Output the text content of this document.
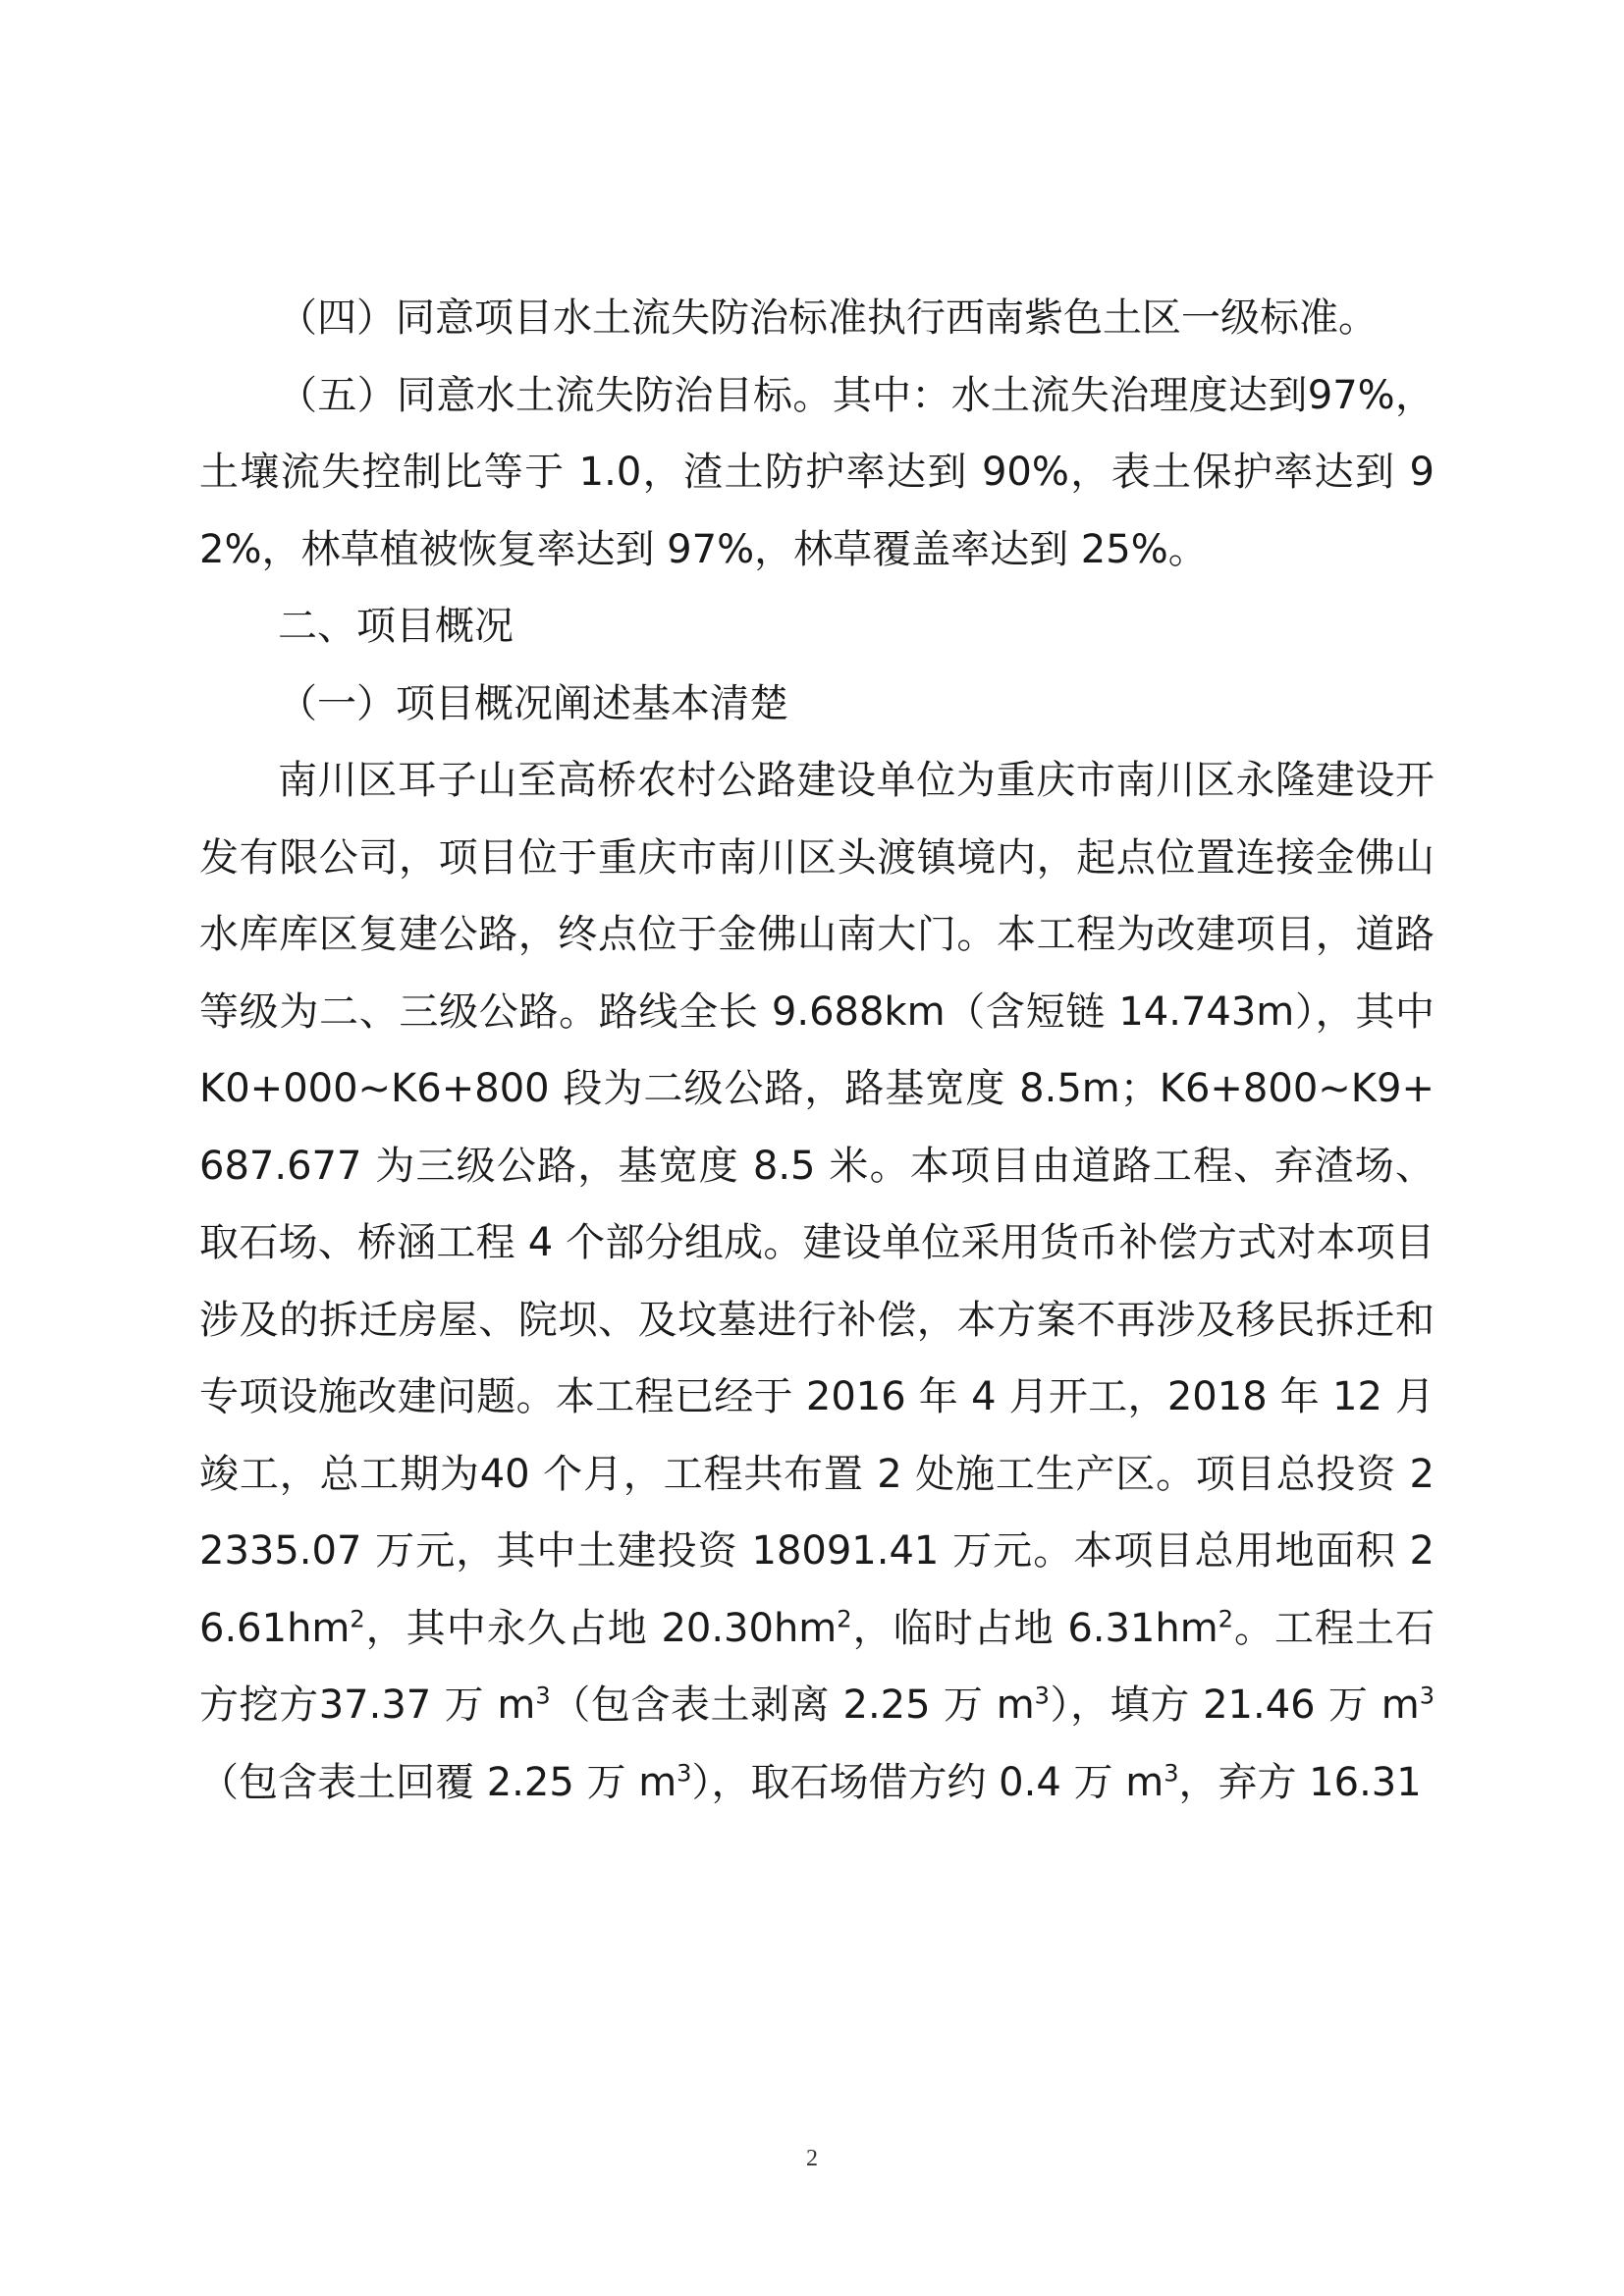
（四）同意项目水土流失防治标准执行西南紫色土区一级标准。

（五）同意水土流失防治目标。其中：水土流失治理度达到97%，土壤流失控制比等于 1.0，渣土防护率达到 90%，表土保护率达到 92%，林草植被恢复率达到 97%，林草覆盖率达到 25%。

二、项目概况

（一）项目概况阐述基本清楚

南川区耳子山至高桥农村公路建设单位为重庆市南川区永隆建设开发有限公司，项目位于重庆市南川区头渡镇境内，起点位置连接金佛山水库库区复建公路，终点位于金佛山南大门。本工程为改建项目，道路等级为二、三级公路。路线全长 9.688km（含短链 14.743m），其中 K0+000~K6+800 段为二级公路，路基宽度 8.5m；K6+800~K9+687.677 为三级公路，基宽度 8.5 米。本项目由道路工程、弃渣场、取石场、桥涵工程 4 个部分组成。建设单位采用货币补偿方式对本项目涉及的拆迁房屋、院坝、及坟墓进行补偿，本方案不再涉及移民拆迁和专项设施改建问题。本工程已经于 2016 年 4 月开工，2018 年 12 月竣工，总工期为40 个月，工程共布置 2 处施工生产区。项目总投资 22335.07 万元，其中土建投资 18091.41 万元。本项目总用地面积 $26.61hm^2$，其中永久占地 $20.30hm^2$，临时占地 $6.31hm^2$。工程土石方挖方37.37 万 $m^3$（包含表土剥离 2.25 万 $m^3$），填方 21.46 万 $m^3$（包含表土回覆 2.25 万 $m^3$），取石场借方约 0.4 万 $m^3$，弃方 16.31

2
